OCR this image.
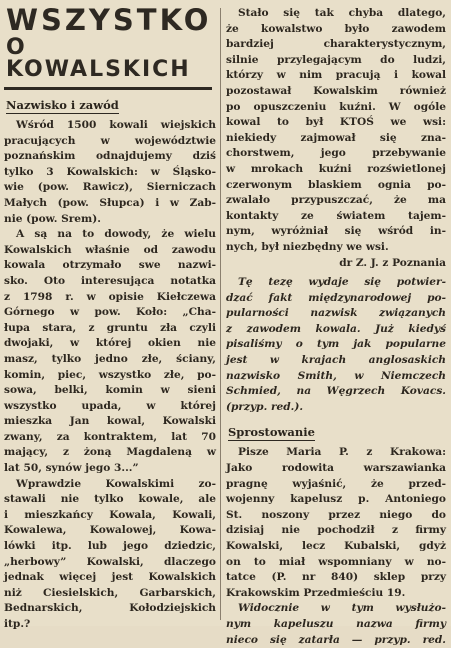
WSZYSTKO
O KOWALSKICH
Nazwisko i zawód

Wśród 1500 kowali wiejskich
pracujących w województwie
poznańskim odnajdujemy dziś
tylko 3 Kowalskich: w Śląsko-
wie (pow. Rawicz), Sierniczach
Małych (pow. Słupca) i w Zab-
nie (pow. Srem).
A są na to dowody, że wielu
Kowalskich właśnie od zawodu
kowala otrzymało swe nazwi-
sko. Oto interesująca notatka
z 1798 r. w opisie Kiełczewa
Górnego w pow. Koło: „Cha-
łupa stara, z gruntu zła czyli
dwojaki, w której okien nie
masz, tylko jedno złe, ściany,
komin, piec, wszystko złe, po-
sowa, belki, komin w sieni
wszystko upada, w której
mieszka Jan kowal, Kowalski
zwany, za kontraktem, lat 70
mający, z żoną Magdaleną w
lat 50, synów jego 3...”
Wprawdzie Kowalskimi zo-
stawali nie tylko kowale, ale
i mieszkańcy Kowala, Kowali,
Kowalewa, Kowalowej, Kowa-
lówki itp. lub jego dziedzic,
„herbowy” Kowalski, dlaczego
jednak więcej jest Kowalskich
niż Ciesielskich, Garbarskich,
Bednarskich, Kołodziejskich
itp.?

Stało się tak chyba dlatego,
że kowalstwo było zawodem
bardziej charakterystycznym,
silnie przylegającym do ludzi,
którzy w nim pracują i kowal
pozostawał Kowalskim również
po opuszczeniu kuźni. W ogóle
kowal to był KTOŚ we wsi:
niekiedy zajmował się zna-
chorstwem, jego przebywanie
w mrokach kuźni rozświetlonej
czerwonym blaskiem ognia po-
zwalało przypuszczać, że ma
kontakty ze światem tajem-
nym, wyróżniał się wśród in-
nych, był niezbędny we wsi.
dr Z. J. z Poznania

Tę tezę wydaje się potwier-
dzać fakt międzynarodowej po-
pularności nazwisk związanych
z zawodem kowala. Już kiedyś
pisaliśmy o tym jak popularne
jest w krajach anglosaskich
nazwisko Smith, w Niemczech
Schmied, na Węgrzech Kovacs.
(przyp. red.).

Sprostowanie

Pisze Maria P. z Krakowa:
Jako rodowita warszawianka
pragnę wyjaśnić, że przed-
wojenny kapelusz p. Antoniego
St. noszony przez niego do
dzisiaj nie pochodził z firmy
Kowalski, lecz Kubalski, gdyż
on to miał wspomniany w no-
tatce (P. nr 840) sklep przy
Krakowskim Przedmieściu 19.

Widocznie w tym wysłużo-
nym kapeluszu nazwa firmy
nieco się zatarła — przyp. red.
